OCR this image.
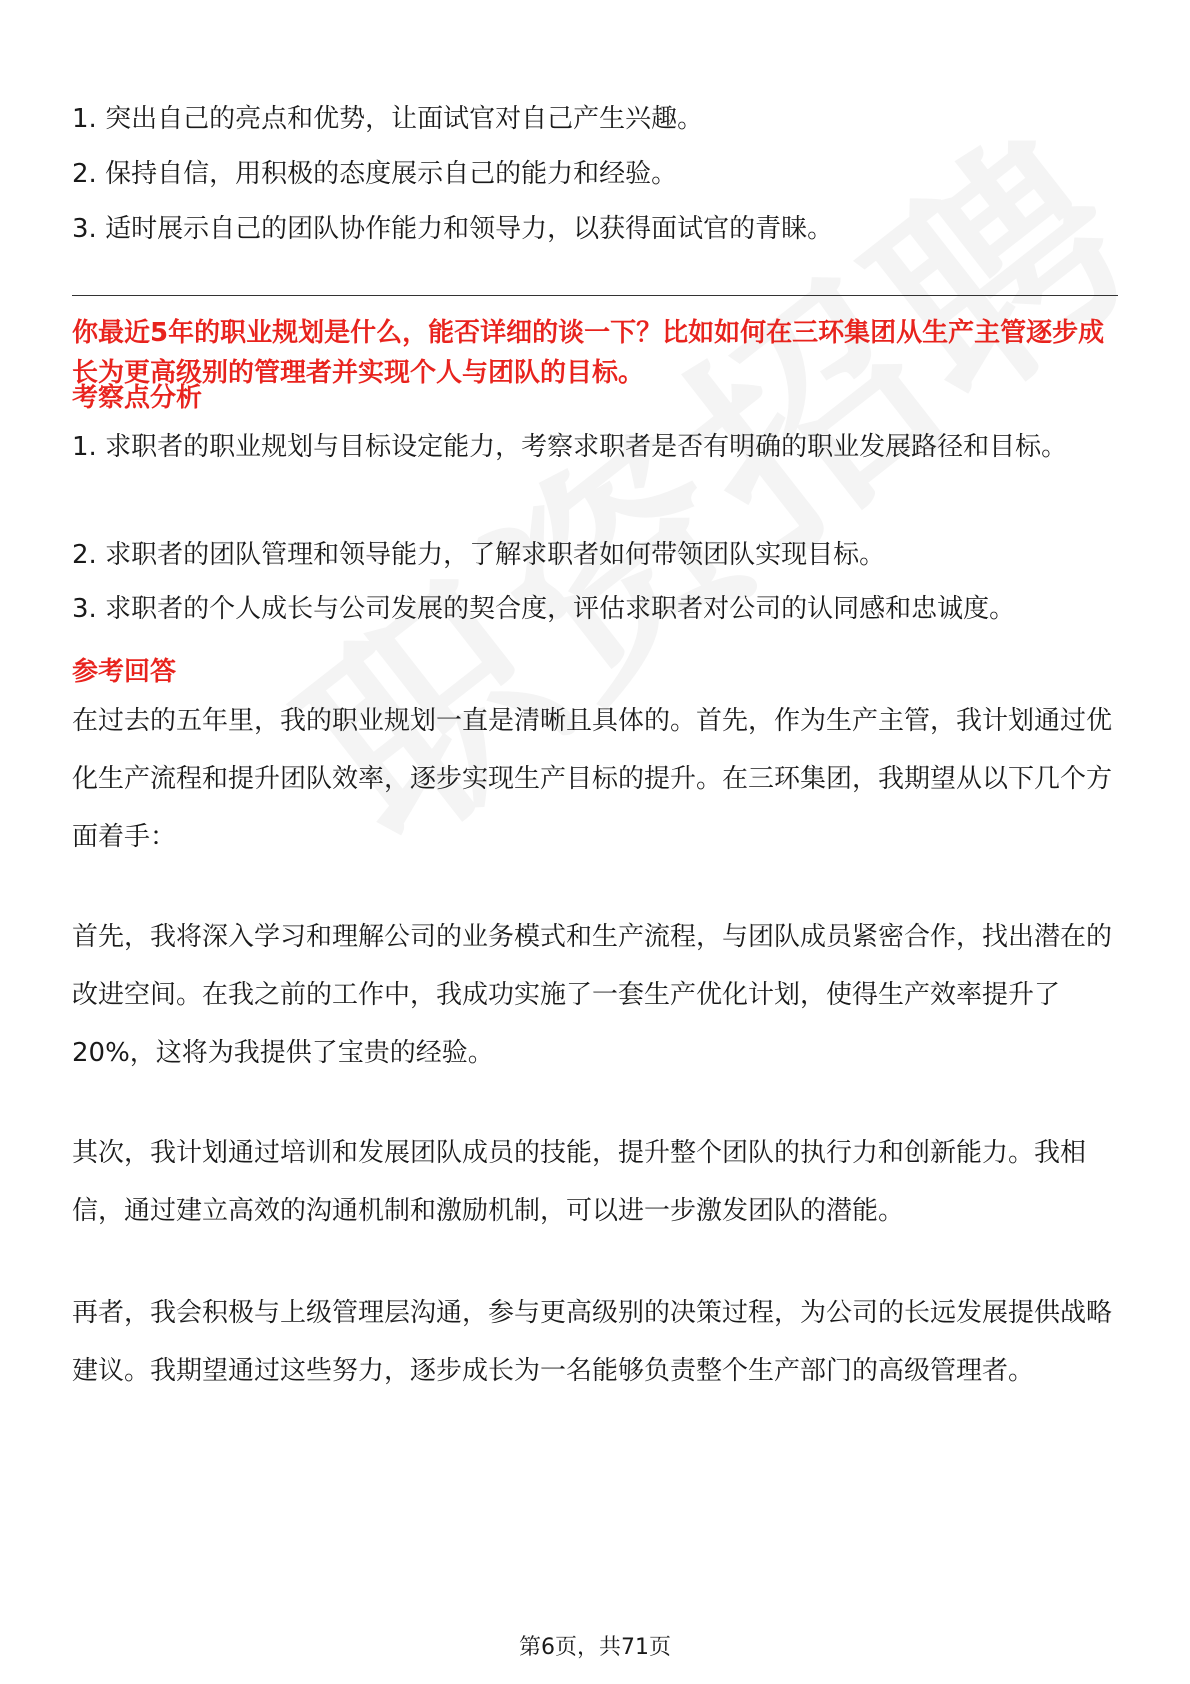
1. 突出自己的亮点和优势，让面试官对自己产生兴趣。
2. 保持自信，用积极的态度展示自己的能力和经验。
3. 适时展示自己的团队协作能力和领导力，以获得面试官的青睐。
你最近5年的职业规划是什么，能否详细的谈一下？比如如何在三环集团从生产主管逐步成长为更高级别的管理者并实现个人与团队的目标。
考察点分析
1. 求职者的职业规划与目标设定能力，考察求职者是否有明确的职业发展路径和目标。
2. 求职者的团队管理和领导能力，了解求职者如何带领团队实现目标。
3. 求职者的个人成长与公司发展的契合度，评估求职者对公司的认同感和忠诚度。
参考回答
在过去的五年里，我的职业规划一直是清晰且具体的。首先，作为生产主管，我计划通过优化生产流程和提升团队效率，逐步实现生产目标的提升。在三环集团，我期望从以下几个方面着手：
首先，我将深入学习和理解公司的业务模式和生产流程，与团队成员紧密合作，找出潜在的改进空间。在我之前的工作中，我成功实施了一套生产优化计划，使得生产效率提升了20%，这将为我提供了宝贵的经验。
其次，我计划通过培训和发展团队成员的技能，提升整个团队的执行力和创新能力。我相信，通过建立高效的沟通机制和激励机制，可以进一步激发团队的潜能。
再者，我会积极与上级管理层沟通，参与更高级别的决策过程，为公司的长远发展提供战略建议。我期望通过这些努力，逐步成长为一名能够负责整个生产部门的高级管理者。
第6页，共71页
